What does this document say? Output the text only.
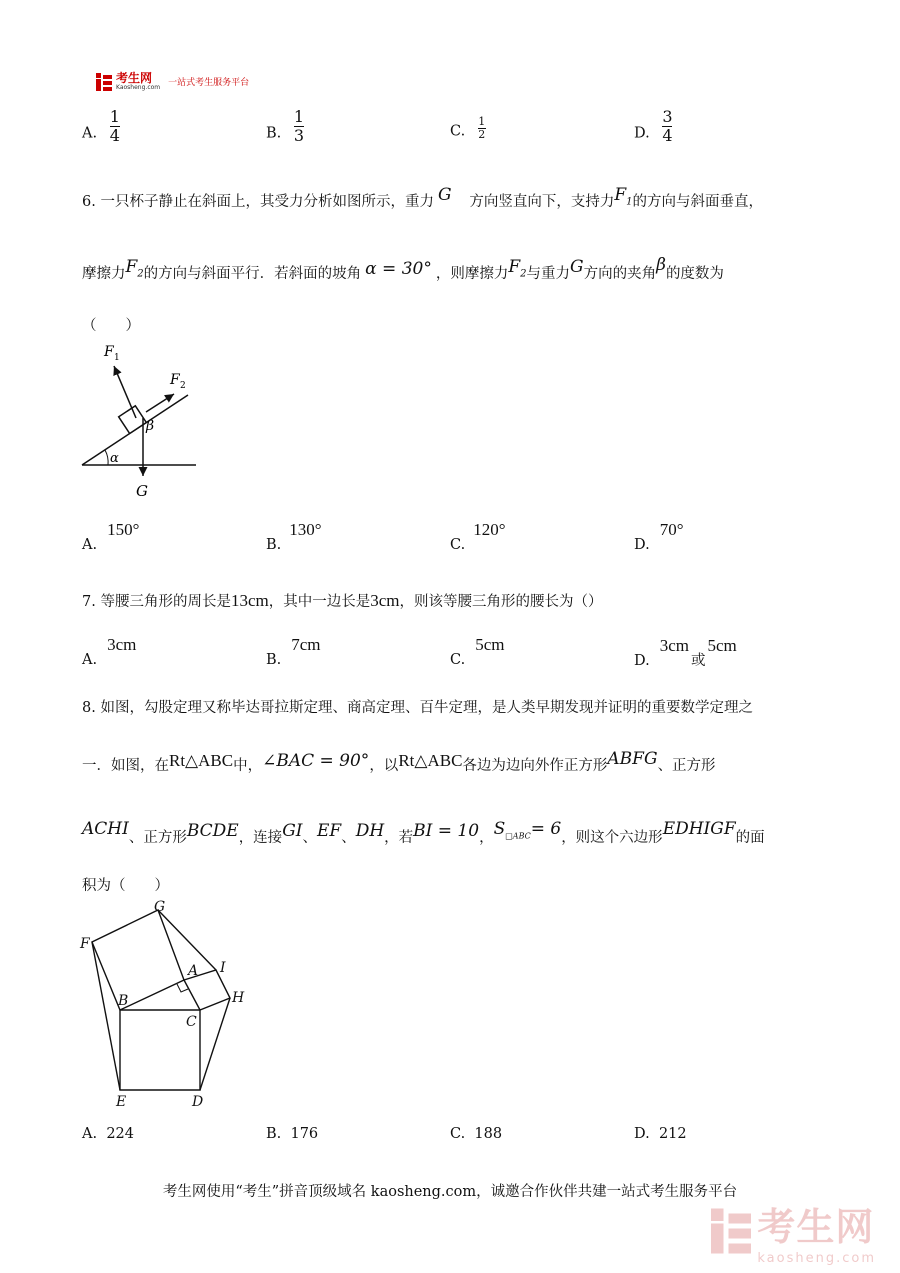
考生网
Kaosheng.com 一站式考生服务平台
A. $\frac{1}{4}$	B. $\frac{1}{3}$	C. $\frac{1}{2}$	D. $\frac{3}{4}$
6. 一只杯子静止在斜面上，其受力分析如图所示，重力 G 方向竖直向下，支持力$F_1$的方向与斜面垂直，
摩擦力$F_2$的方向与斜面平行．若斜面的坡角 α = 30° ，则摩擦力$F_2$与重力G方向的夹角β的度数为
（　　）
F 1
F 2
β
α
G
A.150°
B.130°
C.120°
D.70°
7. 等腰三角形的周长是13cm，其中一边长是3cm，则该等腰三角形的腰长为（）
A.3cm
B.7cm
C.5cm
D.3cm或5cm
8. 如图，勾股定理又称毕达哥拉斯定理、商高定理、百牛定理，是人类早期发现并证明的重要数学定理之
一．如图，在Rt△ABC中，∠BAC = 90°，以Rt△ABC各边为边向外作正方形ABFG、正方形
ACHI、正方形BCDE，连接GI、EF、DH，若BI = 10，$S_{□ABC}= 6$，则这个六边形EDHIGF的面
积为（　　）
G
F
A I
B	H
C
E	D
A. 224	B. 176	C. 188	D. 212
考生网使用“考生”拼音顶级域名 kaosheng.com，诚邀合作伙伴共建一站式考生服务平台
考生网
kaosheng.com
